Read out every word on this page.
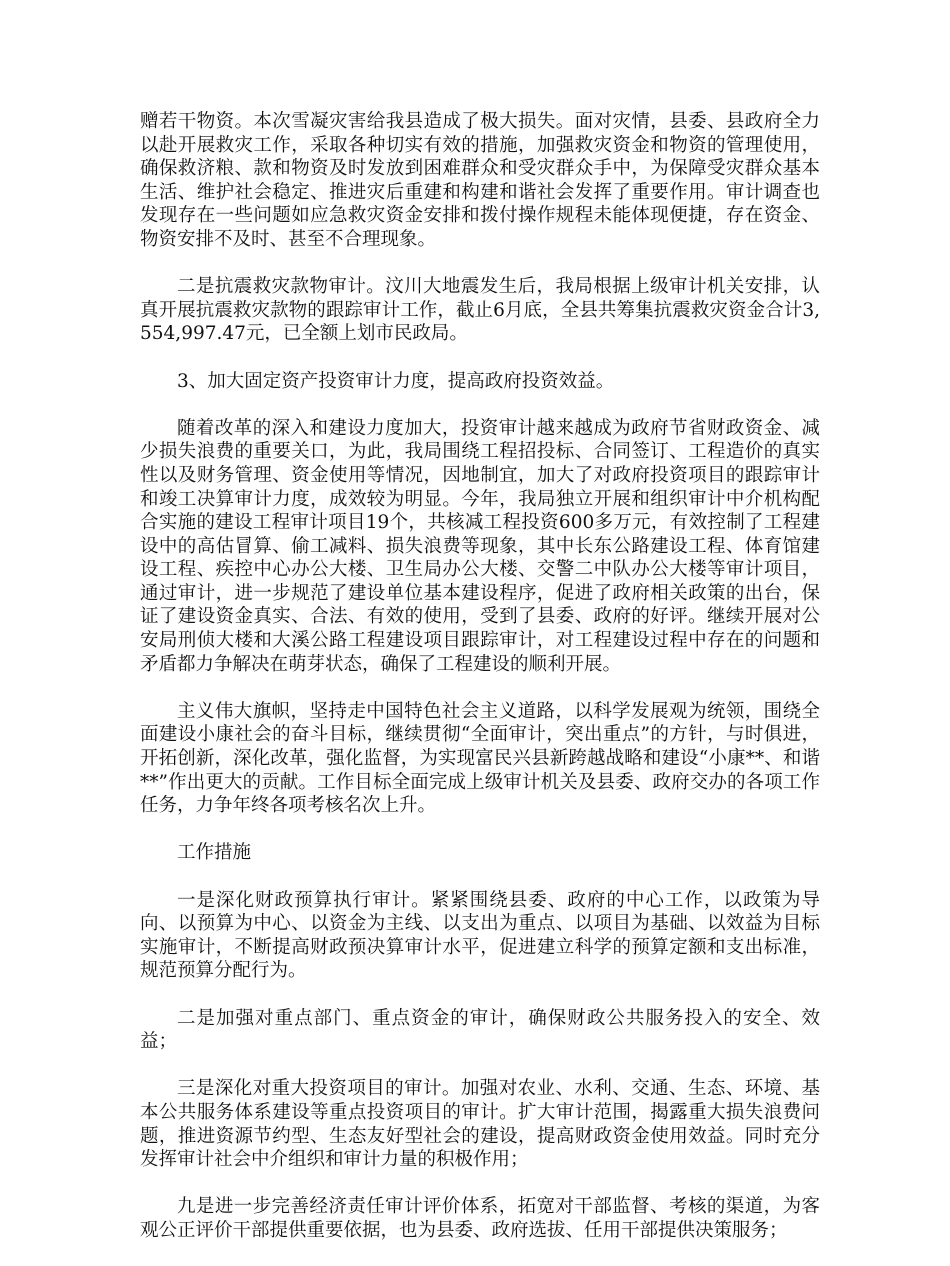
赠若干物资。本次雪凝灾害给我县造成了极大损失。面对灾情，县委、县政府全力以赴开展救灾工作，采取各种切实有效的措施，加强救灾资金和物资的管理使用，确保救济粮、款和物资及时发放到困难群众和受灾群众手中，为保障受灾群众基本生活、维护社会稳定、推进灾后重建和构建和谐社会发挥了重要作用。审计调查也发现存在一些问题如应急救灾资金安排和拨付操作规程未能体现便捷，存在资金、物资安排不及时、甚至不合理现象。

二是抗震救灾款物审计。汶川大地震发生后，我局根据上级审计机关安排，认真开展抗震救灾款物的跟踪审计工作，截止6月底，全县共筹集抗震救灾资金合计3,554,997.47元，已全额上划市民政局。

3、加大固定资产投资审计力度，提高政府投资效益。

随着改革的深入和建设力度加大，投资审计越来越成为政府节省财政资金、减少损失浪费的重要关口，为此，我局围绕工程招投标、合同签订、工程造价的真实性以及财务管理、资金使用等情况，因地制宜，加大了对政府投资项目的跟踪审计和竣工决算审计力度，成效较为明显。今年，我局独立开展和组织审计中介机构配合实施的建设工程审计项目19个，共核减工程投资600多万元，有效控制了工程建设中的高估冒算、偷工减料、损失浪费等现象，其中长东公路建设工程、体育馆建设工程、疾控中心办公大楼、卫生局办公大楼、交警二中队办公大楼等审计项目，通过审计，进一步规范了建设单位基本建设程序，促进了政府相关政策的出台，保证了建设资金真实、合法、有效的使用，受到了县委、政府的好评。继续开展对公安局刑侦大楼和大溪公路工程建设项目跟踪审计，对工程建设过程中存在的问题和矛盾都力争解决在萌芽状态，确保了工程建设的顺利开展。

主义伟大旗帜，坚持走中国特色社会主义道路，以科学发展观为统领，围绕全面建设小康社会的奋斗目标，继续贯彻“全面审计，突出重点”的方针，与时俱进，开拓创新，深化改革，强化监督，为实现富民兴县新跨越战略和建设“小康**、和谐**”作出更大的贡献。工作目标全面完成上级审计机关及县委、政府交办的各项工作任务，力争年终各项考核名次上升。

工作措施

一是深化财政预算执行审计。紧紧围绕县委、政府的中心工作，以政策为导向、以预算为中心、以资金为主线、以支出为重点、以项目为基础、以效益为目标实施审计，不断提高财政预决算审计水平，促进建立科学的预算定额和支出标准，规范预算分配行为。

二是加强对重点部门、重点资金的审计，确保财政公共服务投入的安全、效益；

三是深化对重大投资项目的审计。加强对农业、水利、交通、生态、环境、基本公共服务体系建设等重点投资项目的审计。扩大审计范围，揭露重大损失浪费问题，推进资源节约型、生态友好型社会的建设，提高财政资金使用效益。同时充分发挥审计社会中介组织和审计力量的积极作用；

九是进一步完善经济责任审计评价体系，拓宽对干部监督、考核的渠道，为客观公正评价干部提供重要依据，也为县委、政府选拔、任用干部提供决策服务；
